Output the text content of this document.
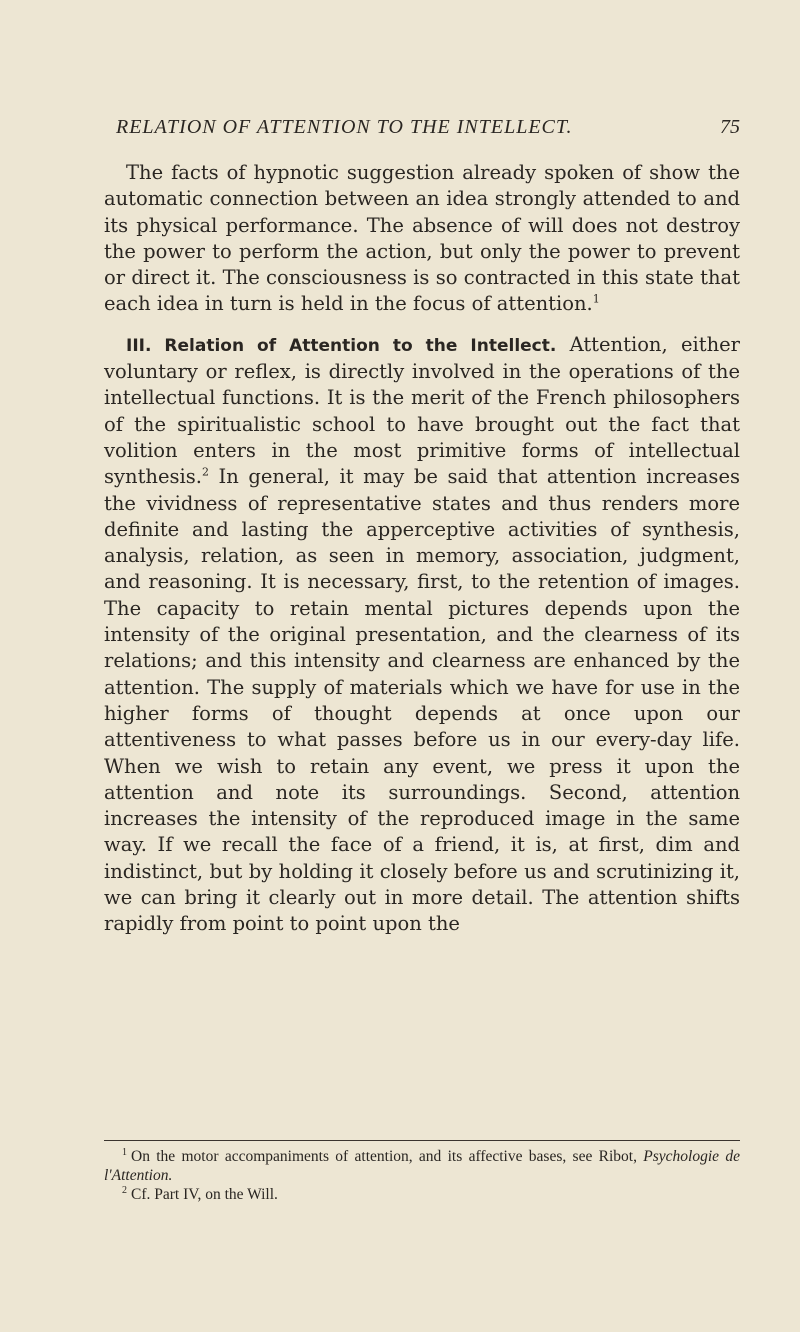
RELATION OF ATTENTION TO THE INTELLECT.	75

The facts of hypnotic suggestion already spoken of show the automatic connection between an idea strongly attended to and its physical performance. The absence of will does not destroy the power to perform the action, but only the power to prevent or direct it. The consciousness is so contracted in this state that each idea in turn is held in the focus of attention.$^1$

III. Relation of Attention to the Intellect. Attention, either voluntary or reflex, is directly involved in the operations of the intellectual functions. It is the merit of the French philosophers of the spiritualistic school to have brought out the fact that volition enters in the most primitive forms of intellectual synthesis.$^2$ In general, it may be said that attention increases the vividness of representative states and thus renders more definite and lasting the apperceptive activities of synthesis, analysis, relation, as seen in memory, association, judgment, and reasoning. It is necessary, first, to the retention of images. The capacity to retain mental pictures depends upon the intensity of the original presentation, and the clearness of its relations; and this intensity and clearness are enhanced by the attention. The supply of materials which we have for use in the higher forms of thought depends at once upon our attentiveness to what passes before us in our every-day life. When we wish to retain any event, we press it upon the attention and note its surroundings. Second, attention increases the intensity of the reproduced image in the same way. If we recall the face of a friend, it is, at first, dim and indistinct, but by holding it closely before us and scrutinizing it, we can bring it clearly out in more detail. The attention shifts rapidly from point to point upon the

$^1$ On the motor accompaniments of attention, and its affective bases, see Ribot, Psychologie de l'Attention.

$^2$ Cf. Part IV, on the Will.
